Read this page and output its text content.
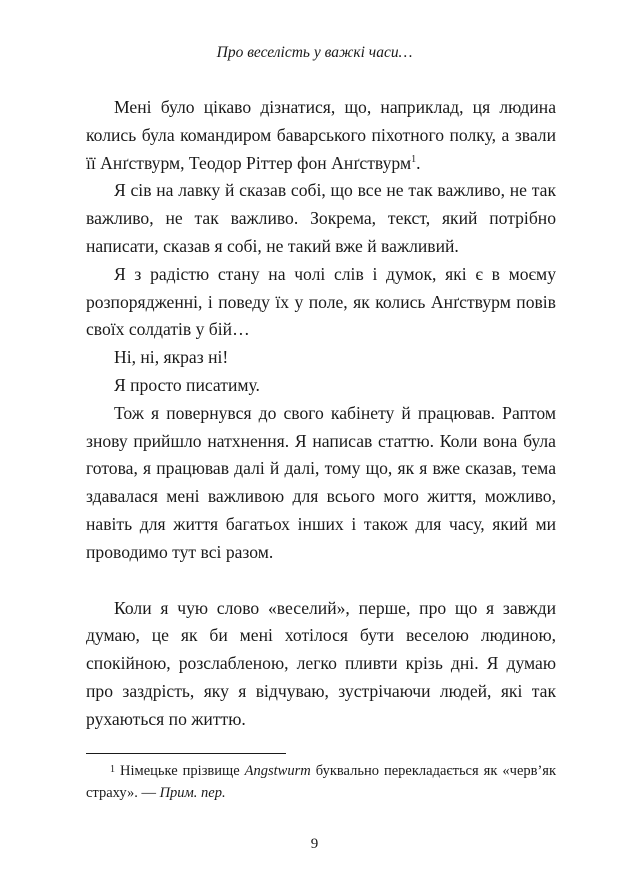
Про веселість у важкі часи…

Мені було цікаво дізнатися, що, наприклад, ця людина колись була командиром баварського піхотного полку, а звали її Анґствурм, Теодор Ріттер фон Анґствурм$^1$.

Я сів на лавку й сказав собі, що все не так важливо, не так важливо, не так важливо. Зокрема, текст, який потрібно написати, сказав я собі, не такий вже й важливий.

Я з радістю стану на чолі слів і думок, які є в моєму розпорядженні, і поведу їх у поле, як колись Анґствурм повів своїх солдатів у бій…

Ні, ні, якраз ні!

Я просто писатиму.

Тож я повернувся до свого кабінету й працював. Раптом знову прийшло натхнення. Я написав статтю. Коли вона була готова, я працював далі й далі, тому що, як я вже сказав, тема здавалася мені важливою для всього мого життя, можливо, навіть для життя багатьох інших і також для часу, який ми проводимо тут всі разом.

Коли я чую слово «веселий», перше, про що я завжди думаю, це як би мені хотілося бути веселою людиною, спокійною, розслабленою, легко пливти крізь дні. Я думаю про заздрість, яку я відчуваю, зустрічаючи людей, які так рухаються по життю.

$^1$ Німецьке прізвище Angstwurm буквально перекладається як «черв’як страху». — Прим. пер.

9
